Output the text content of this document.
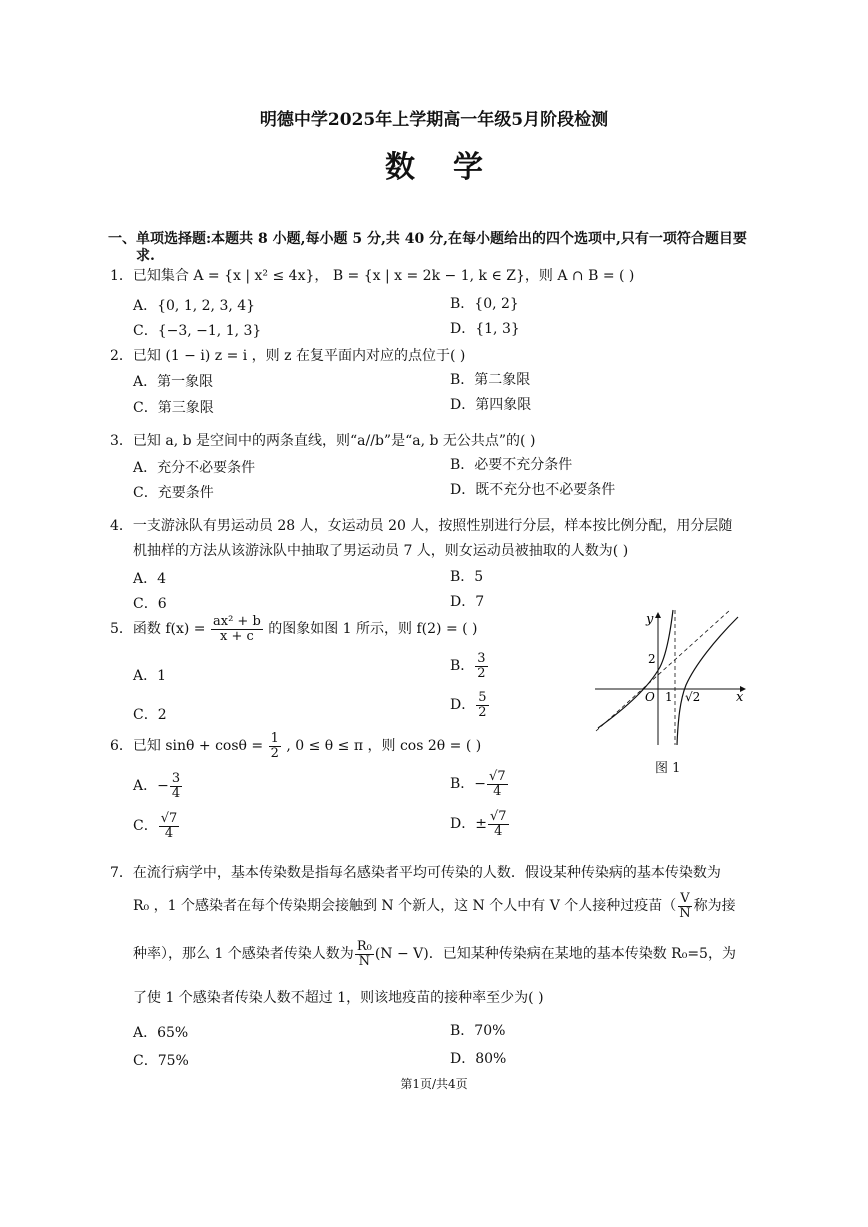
明德中学2025年上学期高一年级5月阶段检测
数学
一、单项选择题:本题共 8 小题,每小题 5 分,共 40 分,在每小题给出的四个选项中,只有一项符合题目要
求.
1．已知集合 A = {x | x² ≤ 4x}， B = {x | x = 2k − 1, k ∈ Z}，则 A ∩ B = ( )
A．{0, 1, 2, 3, 4}	B．{0, 2}
C．{−3, −1, 1, 3}	D．{1, 3}
2．已知 (1 − i) z = i ，则 z 在复平面内对应的点位于( )
A．第一象限	B．第二象限
C．第三象限	D．第四象限
3．已知 a, b 是空间中的两条直线，则“a//b”是“a, b 无公共点”的( )
A．充分不必要条件	B．必要不充分条件
C．充要条件	D．既不充分也不必要条件
4．一支游泳队有男运动员 28 人，女运动员 20 人，按照性别进行分层，样本按比例分配，用分层随
机抽样的方法从该游泳队中抽取了男运动员 7 人，则女运动员被抽取的人数为( )
A．4	B．5
C．6	D．7
5．函数 $f(x) = \frac{\text{ax² + b}}{x + c}$ 的图象如图 1 所示，则 f(2) = ( )
A．1
B． $\frac{3}{2}$
C．2
D． $\frac{5}{2}$
y
x
O 1 √2
2
图 1
6．已知 $\sin\theta + \cos\theta = \frac{1}{2}$ , 0 ≤ θ ≤ π ，则 cos 2θ = ( )
A．− $\frac{3}{4}$	B．− $\frac{√7}{4}$
C． $\frac{√7}{4}$	D．± $\frac{√7}{4}$
7．在流行病学中，基本传染数是指每名感染者平均可传染的人数．假设某种传染病的基本传染数为
R₀ ，1 个感染者在每个传染期会接触到 N 个新人，这 N 个人中有 V 个人接种过疫苗（ $\frac{V}{N}$ 称为接
种率），那么 1 个感染者传染人数为 $\frac{\text{R₀}}{N} (N - V)$．已知某种传染病在某地的基本传染数 R₀=5，为
了使 1 个感染者传染人数不超过 1，则该地疫苗的接种率至少为( )
A．65%	B．70%
C．75%	D．80%
第1页/共4页
